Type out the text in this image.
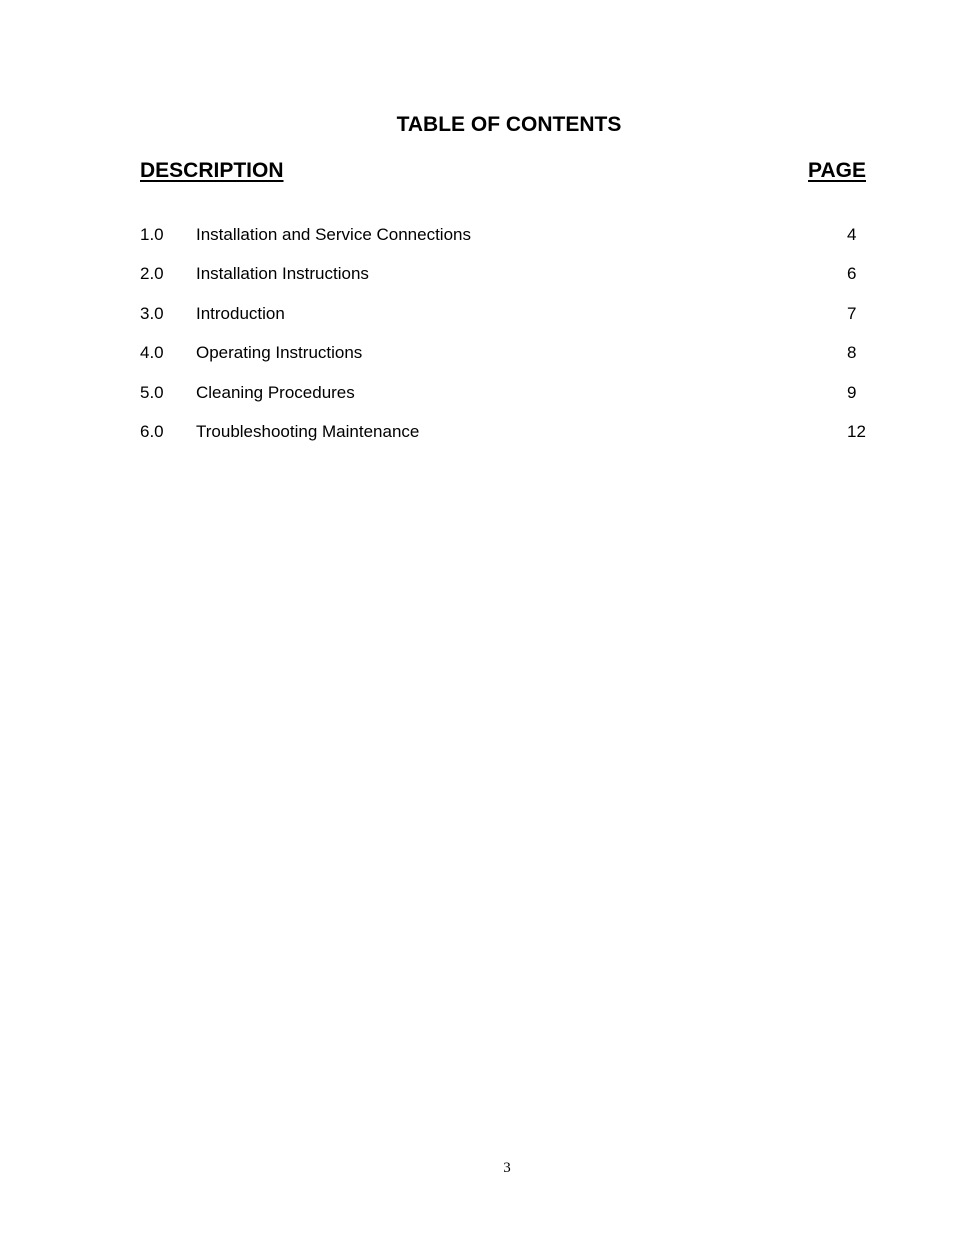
TABLE OF CONTENTS
DESCRIPTION	PAGE
1.0 Installation and Service Connections	4
2.0 Installation Instructions	6
3.0 Introduction	7
4.0 Operating Instructions	8
5.0 Cleaning Procedures	9
6.0 Troubleshooting Maintenance	12
3
